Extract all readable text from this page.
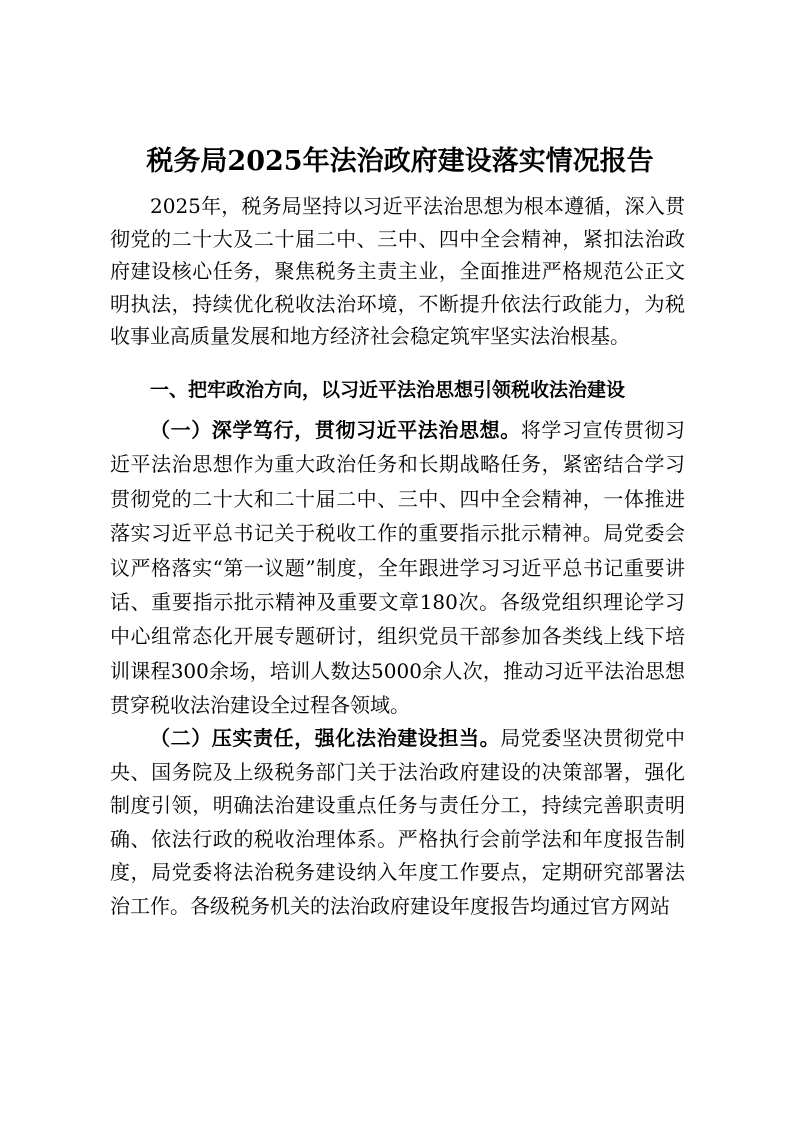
税务局2025年法治政府建设落实情况报告

2025年，税务局坚持以习近平法治思想为根本遵循，深入贯彻党的二十大及二十届二中、三中、四中全会精神，紧扣法治政府建设核心任务，聚焦税务主责主业，全面推进严格规范公正文明执法，持续优化税收法治环境，不断提升依法行政能力，为税收事业高质量发展和地方经济社会稳定筑牢坚实法治根基。

一、把牢政治方向，以习近平法治思想引领税收法治建设

（一）深学笃行，贯彻习近平法治思想。将学习宣传贯彻习近平法治思想作为重大政治任务和长期战略任务，紧密结合学习贯彻党的二十大和二十届二中、三中、四中全会精神，一体推进落实习近平总书记关于税收工作的重要指示批示精神。局党委会议严格落实“第一议题”制度，全年跟进学习习近平总书记重要讲话、重要指示批示精神及重要文章180次。各级党组织理论学习中心组常态化开展专题研讨，组织党员干部参加各类线上线下培训课程300余场，培训人数达5000余人次，推动习近平法治思想贯穿税收法治建设全过程各领域。

（二）压实责任，强化法治建设担当。局党委坚决贯彻党中央、国务院及上级税务部门关于法治政府建设的决策部署，强化制度引领，明确法治建设重点任务与责任分工，持续完善职责明确、依法行政的税收治理体系。严格执行会前学法和年度报告制度，局党委将法治税务建设纳入年度工作要点，定期研究部署法治工作。各级税务机关的法治政府建设年度报告均通过官方网站
